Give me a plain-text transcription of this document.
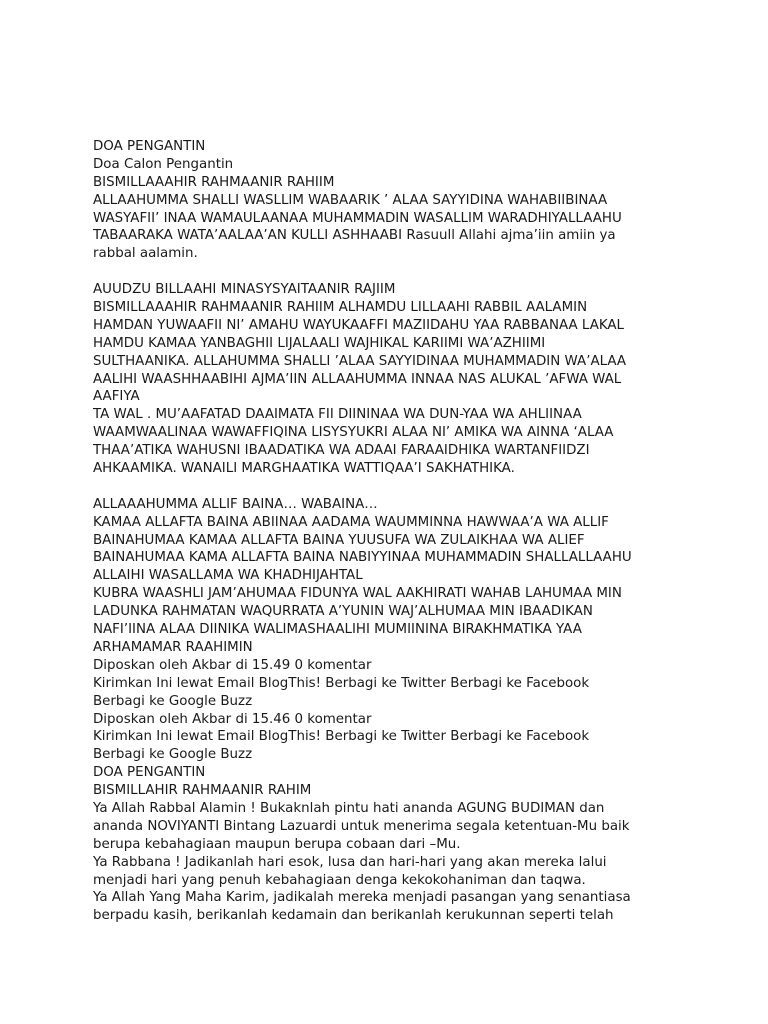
DOA PENGANTIN
Doa Calon Pengantin
BISMILLAAAHIR RAHMAANIR RAHIIM
ALLAAHUMMA SHALLI WASLLIM WABAARIK ’ ALAA SAYYIDINA WAHABIIBINAA
WASYAFII’ INAA WAMAULAANAA MUHAMMADIN WASALLIM WARADHIYALLAAHU
TABAARAKA WATA’AALAA’AN KULLI ASHHAABI Rasuull Allahi ajma’iin amiin ya
rabbal aalamin.
AUUDZU BILLAAHI MINASYSYAITAANIR RAJIIM
BISMILLAAAHIR RAHMAANIR RAHIIM ALHAMDU LILLAAHI RABBIL AALAMIN
HAMDAN YUWAAFII NI’ AMAHU WAYUKAAFFI MAZIIDAHU YAA RABBANAA LAKAL
HAMDU KAMAA YANBAGHII LIJALAALI WAJHIKAL KARIIMI WA’AZHIIMI
SULTHAANIKA. ALLAHUMMA SHALLI ’ALAA SAYYIDINAA MUHAMMADIN WA’ALAA
AALIHI WAASHHAABIHI AJMA’IIN ALLAAHUMMA INNAA NAS ALUKAL ’AFWA WAL
AAFIYA
TA WAL . MU’AAFATAD DAAIMATA FII DIININAA WA DUN-YAA WA AHLIINAA
WAAMWAALINAA WAWAFFIQINA LISYSYUKRI ALAA NI’ AMIKA WA AINNA ‘ALAA
THAA’ATIKA WAHUSNI IBAADATIKA WA ADAAI FARAAIDHIKA WARTANFIIDZI
AHKAAMIKA. WANAILI MARGHAATIKA WATTIQAA’I SAKHATHIKA.
ALLAAAHUMMA ALLIF BAINA… WABAINA…
KAMAA ALLAFTA BAINA ABIINAA AADAMA WAUMMINNA HAWWAA’A WA ALLIF
BAINAHUMAA KAMAA ALLAFTA BAINA YUUSUFA WA ZULAIKHAA WA ALIEF
BAINAHUMAA KAMA ALLAFTA BAINA NABIYYINAA MUHAMMADIN SHALLALLAAHU
ALLAIHI WASALLAMA WA KHADHIJAHTAL
KUBRA WAASHLI JAM’AHUMAA FIDUNYA WAL AAKHIRATI WAHAB LAHUMAA MIN
LADUNKA RAHMATAN WAQURRATA A’YUNIN WAJ’ALHUMAA MIN IBAADIKAN
NAFI’IINA ALAA DIINIKA WALIMASHAALIHI MUMIININA BIRAKHMATIKA YAA
ARHAMAMAR RAAHIMIN
Diposkan oleh Akbar di 15.49 0 komentar
Kirimkan Ini lewat Email BlogThis! Berbagi ke Twitter Berbagi ke Facebook
Berbagi ke Google Buzz
Diposkan oleh Akbar di 15.46 0 komentar
Kirimkan Ini lewat Email BlogThis! Berbagi ke Twitter Berbagi ke Facebook
Berbagi ke Google Buzz
DOA PENGANTIN
BISMILLAHIR RAHMAANIR RAHIM
Ya Allah Rabbal Alamin ! Bukaknlah pintu hati ananda AGUNG BUDIMAN dan
ananda NOVIYANTI Bintang Lazuardi untuk menerima segala ketentuan-Mu baik
berupa kebahagiaan maupun berupa cobaan dari –Mu.
Ya Rabbana ! Jadikanlah hari esok, lusa dan hari-hari yang akan mereka lalui
menjadi hari yang penuh kebahagiaan denga kekokohaniman dan taqwa.
Ya Allah Yang Maha Karim, jadikalah mereka menjadi pasangan yang senantiasa
berpadu kasih, berikanlah kedamain dan berikanlah kerukunnan seperti telah
